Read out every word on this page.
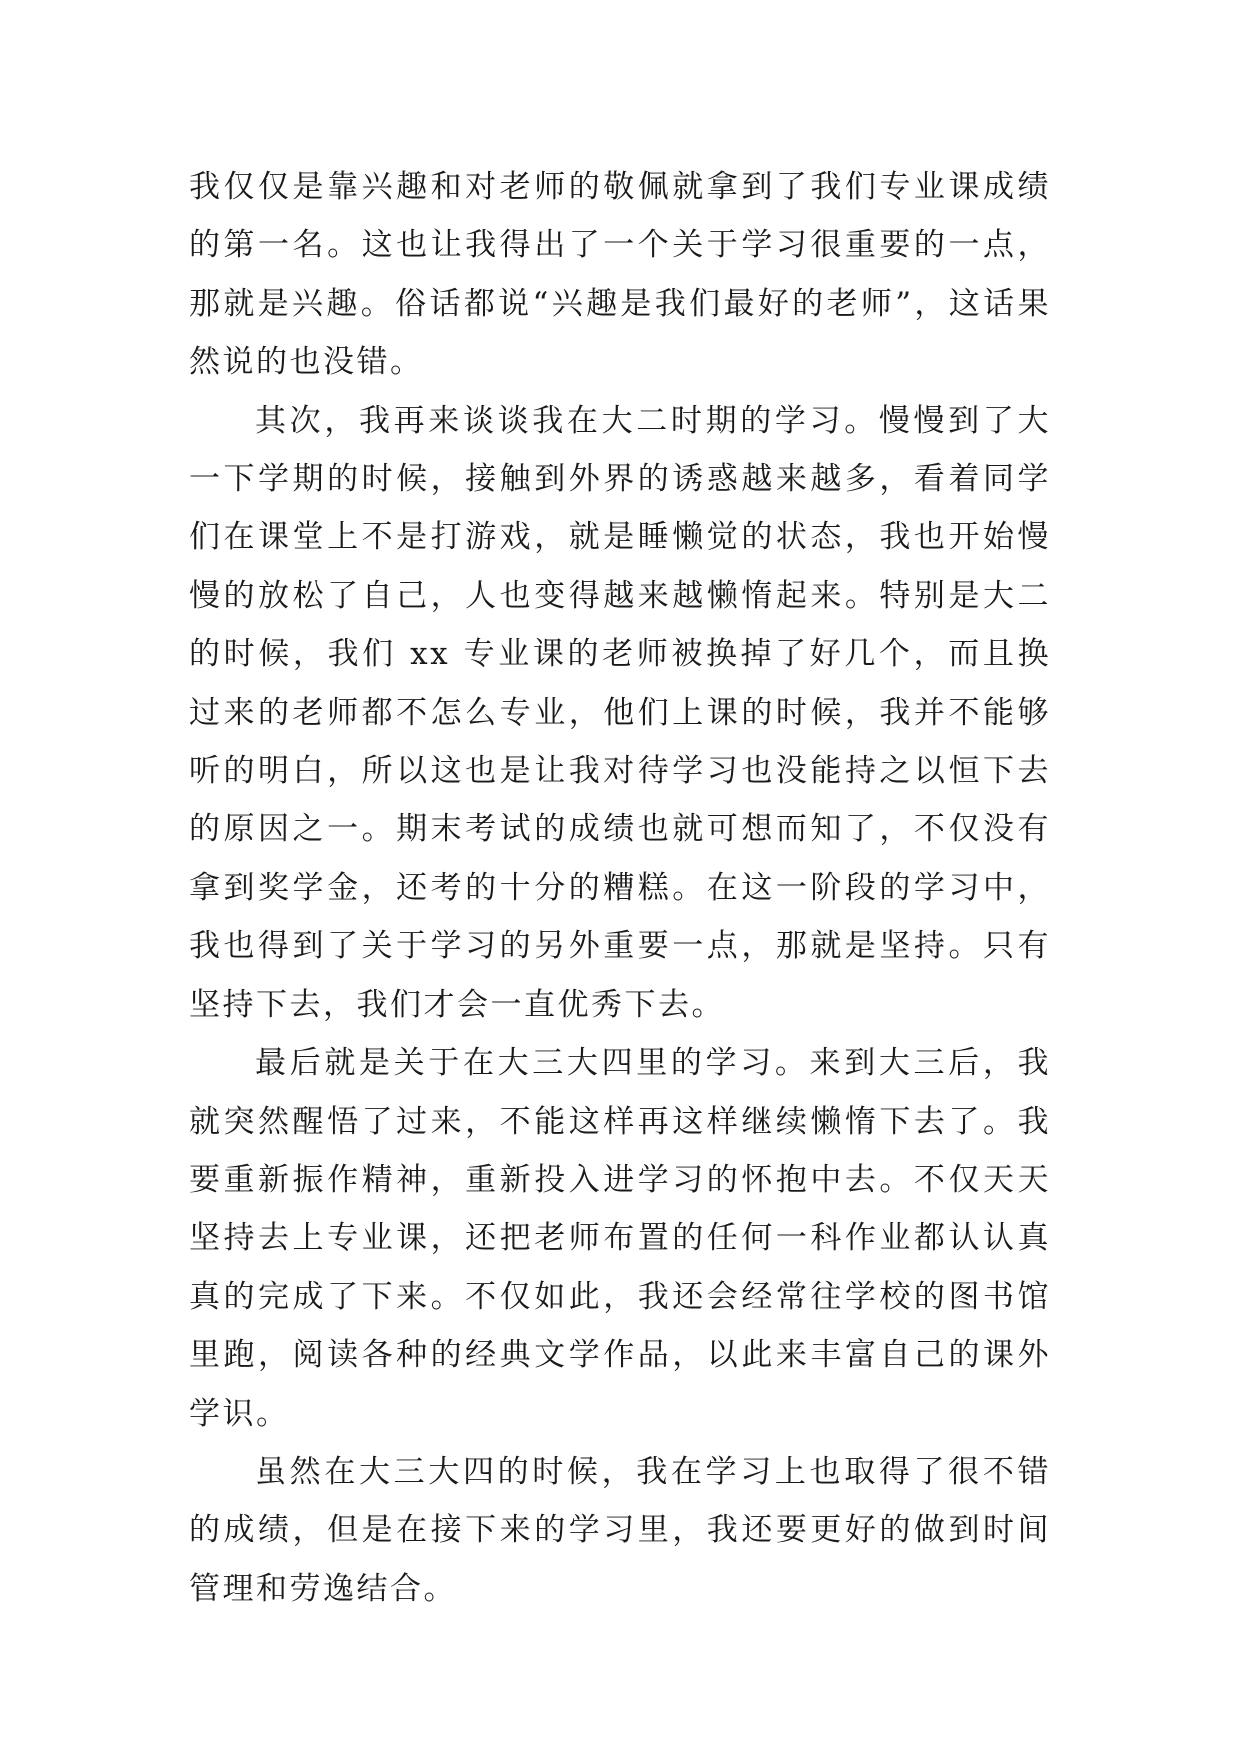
我仅仅是靠兴趣和对老师的敬佩就拿到了我们专业课成绩的第一名。这也让我得出了一个关于学习很重要的一点，那就是兴趣。俗话都说“兴趣是我们最好的老师”，这话果然说的也没错。

其次，我再来谈谈我在大二时期的学习。慢慢到了大一下学期的时候，接触到外界的诱惑越来越多，看着同学们在课堂上不是打游戏，就是睡懒觉的状态，我也开始慢慢的放松了自己，人也变得越来越懒惰起来。特别是大二的时候，我们 xx 专业课的老师被换掉了好几个，而且换过来的老师都不怎么专业，他们上课的时候，我并不能够听的明白，所以这也是让我对待学习也没能持之以恒下去的原因之一。期末考试的成绩也就可想而知了，不仅没有拿到奖学金，还考的十分的糟糕。在这一阶段的学习中，我也得到了关于学习的另外重要一点，那就是坚持。只有坚持下去，我们才会一直优秀下去。

最后就是关于在大三大四里的学习。来到大三后，我就突然醒悟了过来，不能这样再这样继续懒惰下去了。我要重新振作精神，重新投入进学习的怀抱中去。不仅天天坚持去上专业课，还把老师布置的任何一科作业都认认真真的完成了下来。不仅如此，我还会经常往学校的图书馆里跑，阅读各种的经典文学作品，以此来丰富自己的课外学识。

虽然在大三大四的时候，我在学习上也取得了很不错的成绩，但是在接下来的学习里，我还要更好的做到时间管理和劳逸结合。
